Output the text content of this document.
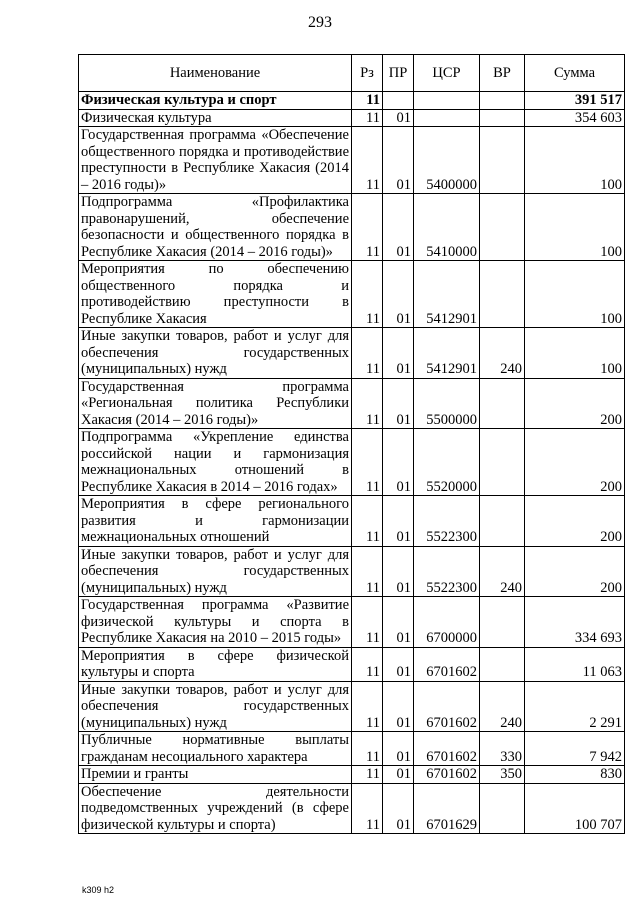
293
Наименование	Рз	ПР	ЦСР	ВР	Сумма
Физическая культура и спорт	11				391 517
Физическая культура	11	01			354 603
Государственная программа «Обеспечение общественного порядка и противодействие преступности в Республике Хакасия (2014 – 2016 годы)»	11	01	5400000		100
Подпрограмма «Профилактика правонарушений, обеспечение безопасности и общественного порядка в Республике Хакасия (2014 – 2016 годы)»	11	01	5410000		100
Мероприятия по обеспечению общественного порядка и противодействию преступности в Республике Хакасия	11	01	5412901		100
Иные закупки товаров, работ и услуг для обеспечения государственных (муниципальных) нужд	11	01	5412901	240	100
Государственная программа «Региональная политика Республики Хакасия (2014 – 2016 годы)»	11	01	5500000		200
Подпрограмма «Укрепление единства российской нации и гармонизация межнациональных отношений в Республике Хакасия в 2014 – 2016 годах»	11	01	5520000		200
Мероприятия в сфере регионального развития и гармонизации межнациональных отношений	11	01	5522300		200
Иные закупки товаров, работ и услуг для обеспечения государственных (муниципальных) нужд	11	01	5522300	240	200
Государственная программа «Развитие физической культуры и спорта в Республике Хакасия на 2010 – 2015 годы»	11	01	6700000		334 693
Мероприятия в сфере физической культуры и спорта	11	01	6701602		11 063
Иные закупки товаров, работ и услуг для обеспечения государственных (муниципальных) нужд	11	01	6701602	240	2 291
Публичные нормативные выплаты гражданам несоциального характера	11	01	6701602	330	7 942
Премии и гранты	11	01	6701602	350	830
Обеспечение деятельности подведомственных учреждений (в сфере физической культуры и спорта)	11	01	6701629		100 707
k309 h2
